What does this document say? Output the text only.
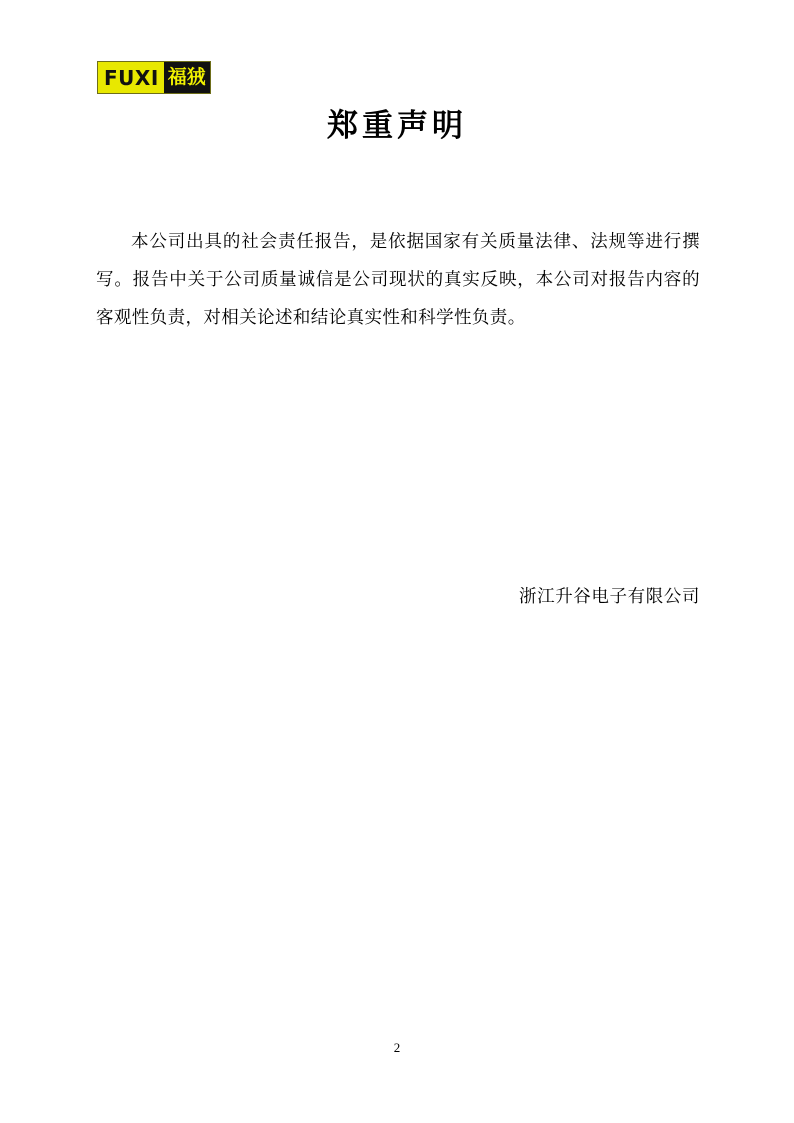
FUXI 福狨
郑重声明
本公司出具的社会责任报告，是依据国家有关质量法律、法规等进行撰写。报告中关于公司质量诚信是公司现状的真实反映，本公司对报告内容的客观性负责，对相关论述和结论真实性和科学性负责。
浙江升谷电子有限公司
2
